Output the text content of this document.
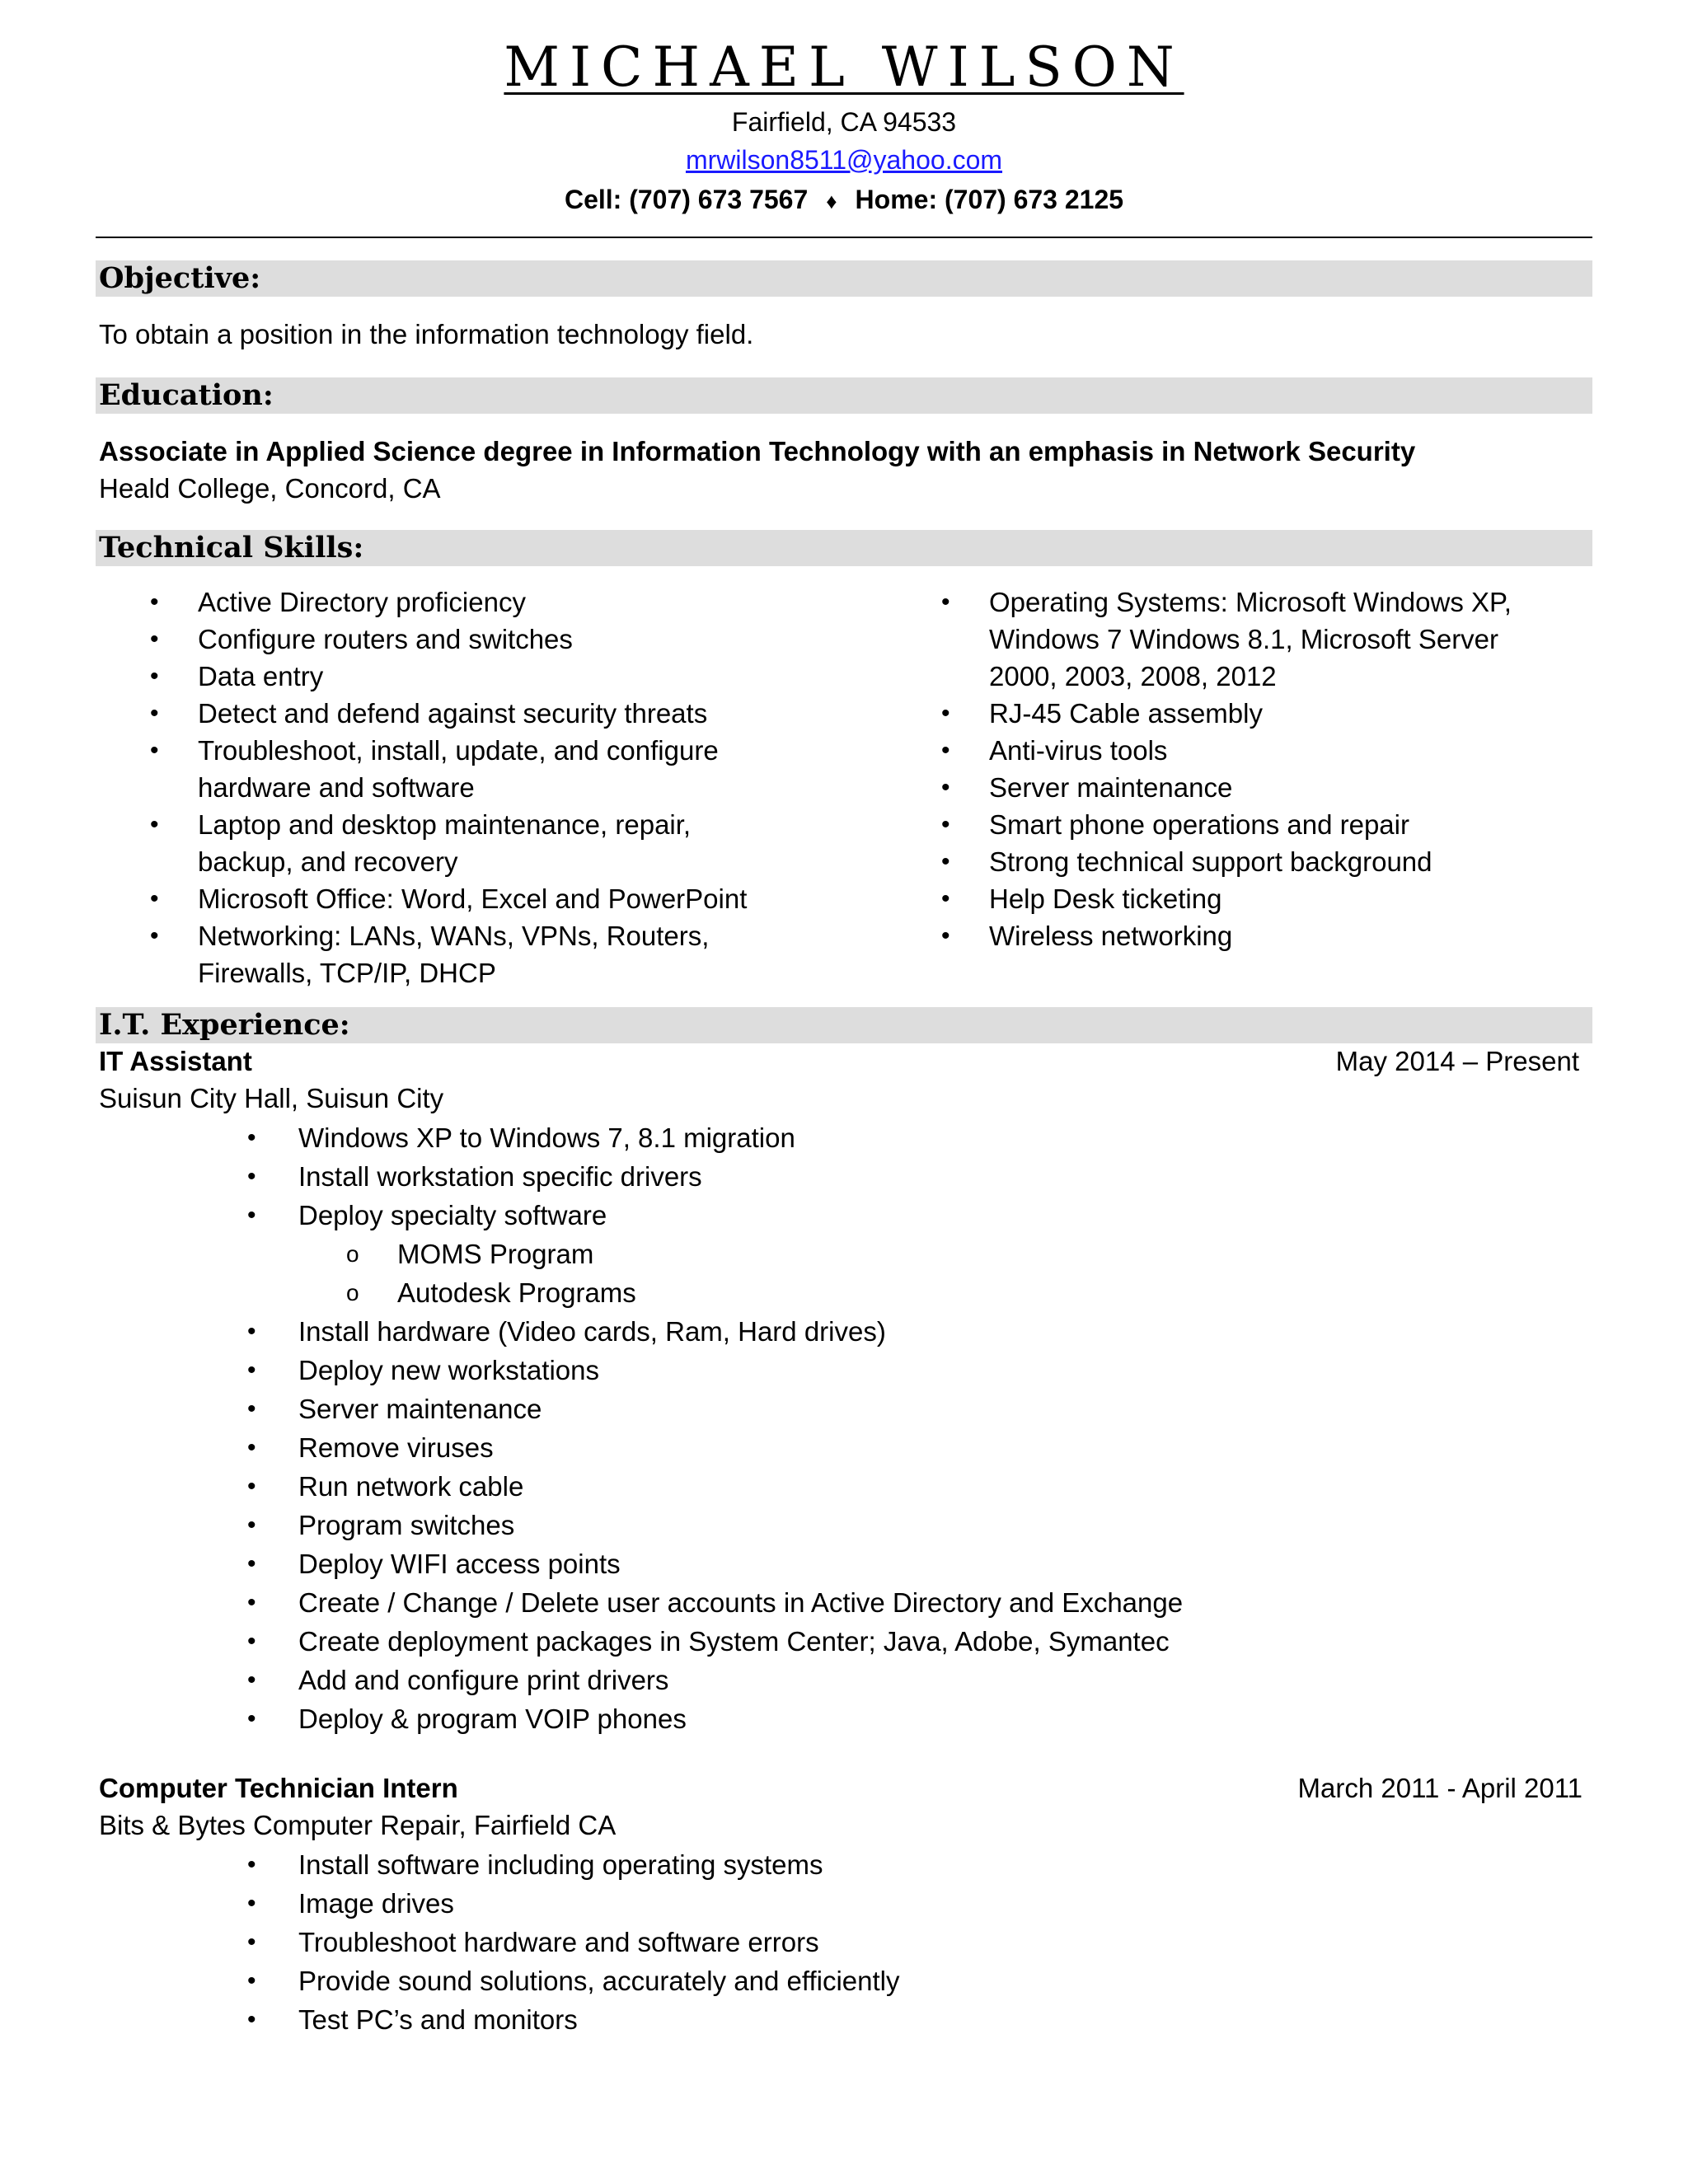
MICHAEL WILSON
Fairfield, CA 94533
mrwilson8511@yahoo.com
Cell: (707) 673 7567 ♦ Home: (707) 673 2125
Objective:
To obtain a position in the information technology field.
Education:
Associate in Applied Science degree in Information Technology with an emphasis in Network Security
Heald College, Concord, CA
Technical Skills:
• Active Directory proficiency
• Configure routers and switches
• Data entry
• Detect and defend against security threats
• Troubleshoot, install, update, and configure hardware and software
• Laptop and desktop maintenance, repair, backup, and recovery
• Microsoft Office: Word, Excel and PowerPoint
• Networking: LANs, WANs, VPNs, Routers, Firewalls, TCP/IP, DHCP
• Operating Systems: Microsoft Windows XP, Windows 7 Windows 8.1, Microsoft Server 2000, 2003, 2008, 2012
• RJ-45 Cable assembly
• Anti-virus tools
• Server maintenance
• Smart phone operations and repair
• Strong technical support background
• Help Desk ticketing
• Wireless networking
I.T. Experience:
IT Assistant	May 2014 – Present
Suisun City Hall, Suisun City
• Windows XP to Windows 7, 8.1 migration
• Install workstation specific drivers
• Deploy specialty software
o MOMS Program
o Autodesk Programs
• Install hardware (Video cards, Ram, Hard drives)
• Deploy new workstations
• Server maintenance
• Remove viruses
• Run network cable
• Program switches
• Deploy WIFI access points
• Create / Change / Delete user accounts in Active Directory and Exchange
• Create deployment packages in System Center; Java, Adobe, Symantec
• Add and configure print drivers
• Deploy & program VOIP phones
Computer Technician Intern	March 2011 - April 2011
Bits & Bytes Computer Repair, Fairfield CA
• Install software including operating systems
• Image drives
• Troubleshoot hardware and software errors
• Provide sound solutions, accurately and efficiently
• Test PC’s and monitors
